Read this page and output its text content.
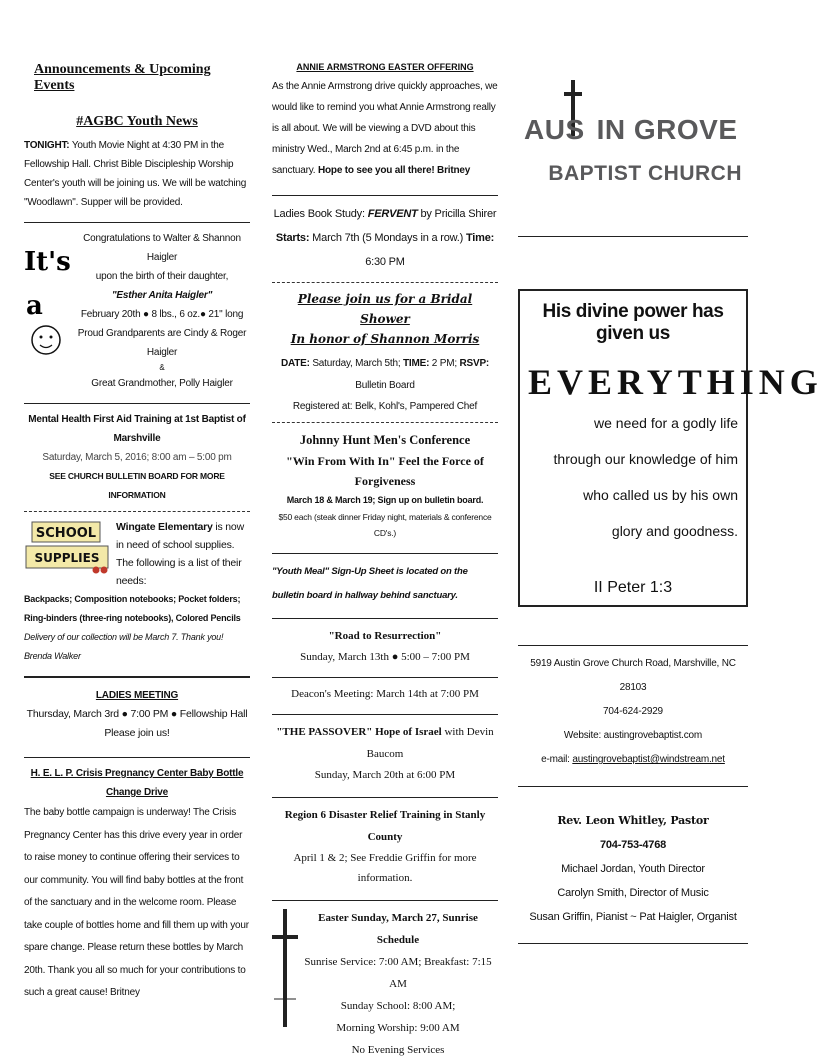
Announcements & Upcoming Events
#AGBC Youth News
TONIGHT: Youth Movie Night at 4:30 PM in the Fellowship Hall. Christ Bible Discipleship Worship Center's youth will be joining us. We will be watching "Woodlawn". Supper will be provided.
It's
a
Congratulations to Walter & Shannon Haigler
upon the birth of their daughter,
"Esther Anita Haigler"
February 20th ● 8 lbs., 6 oz.● 21" long
Proud Grandparents are Cindy & Roger Haigler
&
Great Grandmother, Polly Haigler
Mental Health First Aid Training at 1st Baptist of Marshville
Saturday, March 5, 2016; 8:00 am – 5:00 pm
SEE CHURCH BULLETIN BOARD FOR MORE INFORMATION
SCHOOL
SUPPLIES
Wingate Elementary is now in need of school supplies. The following is a list of their needs:
Backpacks; Composition notebooks; Pocket folders; Ring-binders (three-ring notebooks), Colored Pencils
Delivery of our collection will be March 7. Thank you! Brenda Walker
LADIES MEETING
Thursday, March 3rd ● 7:00 PM ● Fellowship Hall
Please join us!
H. E. L. P. Crisis Pregnancy Center Baby Bottle Change Drive
The baby bottle campaign is underway! The Crisis Pregnancy Center has this drive every year in order to raise money to continue offering their services to our community. You will find baby bottles at the front of the sanctuary and in the welcome room. Please take couple of bottles home and fill them up with your spare change. Please return these bottles by March 20th. Thank you all so much for your contributions to such a great cause! Britney
ANNIE ARMSTRONG EASTER OFFERING
As the Annie Armstrong drive quickly approaches, we would like to remind you what Annie Armstrong really is all about. We will be viewing a DVD about this ministry Wed., March 2nd at 6:45 p.m. in the sanctuary. Hope to see you all there! Britney
Ladies Book Study: FERVENT by Pricilla Shirer
Starts: March 7th (5 Mondays in a row.) Time: 6:30 PM
Please join us for a Bridal Shower
In honor of Shannon Morris
DATE: Saturday, March 5th; TIME: 2 PM; RSVP: Bulletin Board
Registered at: Belk, Kohl's, Pampered Chef
Johnny Hunt Men's Conference
"Win From With In" Feel the Force of Forgiveness
March 18 & March 19; Sign up on bulletin board.
$50 each (steak dinner Friday night, materials & conference CD's.)
"Youth Meal" Sign-Up Sheet is located on the bulletin board in hallway behind sanctuary.
"Road to Resurrection"
Sunday, March 13th ● 5:00 – 7:00 PM
Deacon's Meeting: March 14th at 7:00 PM
"THE PASSOVER" Hope of Israel with Devin Baucom
Sunday, March 20th at 6:00 PM
Region 6 Disaster Relief Training in Stanly County
April 1 & 2; See Freddie Griffin for more information.
Easter Sunday, March 27, Sunrise Schedule
Sunrise Service: 7:00 AM; Breakfast: 7:15 AM
Sunday School: 8:00 AM;
Morning Worship: 9:00 AM
No Evening Services
AUS IN GROVE
BAPTIST CHURCH
His divine power has given us
EVERYTHING
we need for a godly life
through our knowledge of him
who called us by his own
glory and goodness.
II Peter 1:3
5919 Austin Grove Church Road, Marshville, NC 28103
704-624-2929
Website: austingrovebaptist.com
e-mail: austingrovebaptist@windstream.net
Rev. Leon Whitley, Pastor
704-753-4768
Michael Jordan, Youth Director
Carolyn Smith, Director of Music
Susan Griffin, Pianist ~ Pat Haigler, Organist
